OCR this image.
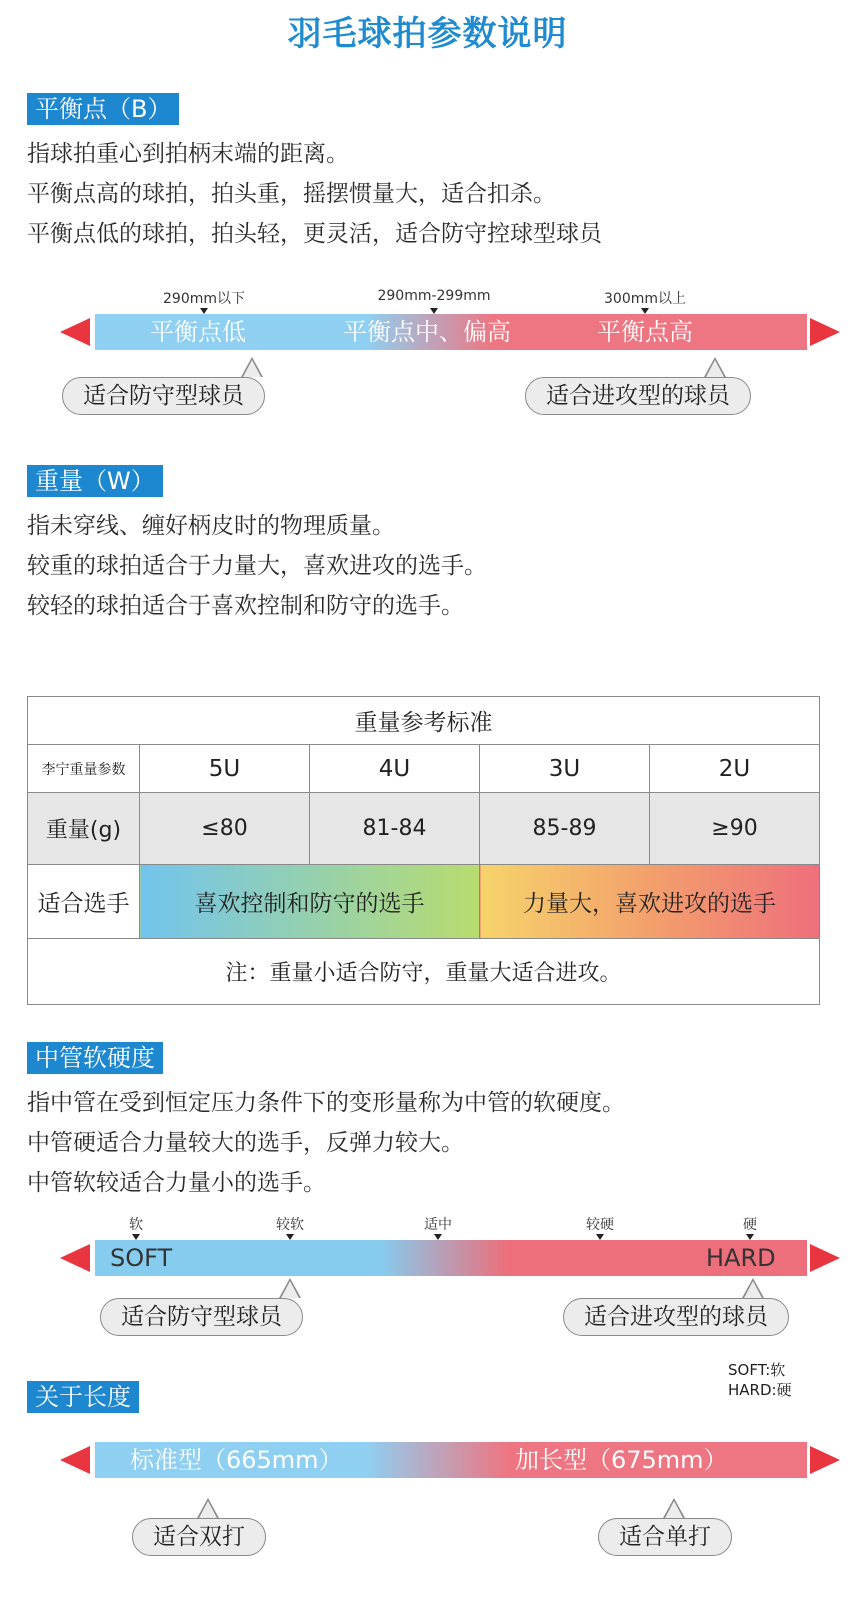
羽毛球拍参数说明
平衡点（B）
指球拍重心到拍柄末端的距离。
平衡点高的球拍，拍头重，摇摆惯量大，适合扣杀。
平衡点低的球拍，拍头轻，更灵活，适合防守控球型球员
290mm以下	290mm-299mm	300mm以上
平衡点低	平衡点中、偏高	平衡点高
适合防守型球员	适合进攻型的球员
重量（W）
指未穿线、缠好柄皮时的物理质量。
较重的球拍适合于力量大，喜欢进攻的选手。
较轻的球拍适合于喜欢控制和防守的选手。
重量参考标准				
李宁重量参数	5U	4U	3U	2U
重量(g)	≤80	81-84	85-89	≥90
适合选手	喜欢控制和防守的选手		力量大，喜欢进攻的选手	
注：重量小适合防守，重量大适合进攻。				
中管软硬度
指中管在受到恒定压力条件下的变形量称为中管的软硬度。
中管硬适合力量较大的选手，反弹力较大。
中管软较适合力量小的选手。
软	较软	适中	较硬	硬
SOFT	HARD
适合防守型球员	适合进攻型的球员
SOFT:软
HARD:硬
关于长度
标准型（665mm）	加长型（675mm）
适合双打	适合单打
